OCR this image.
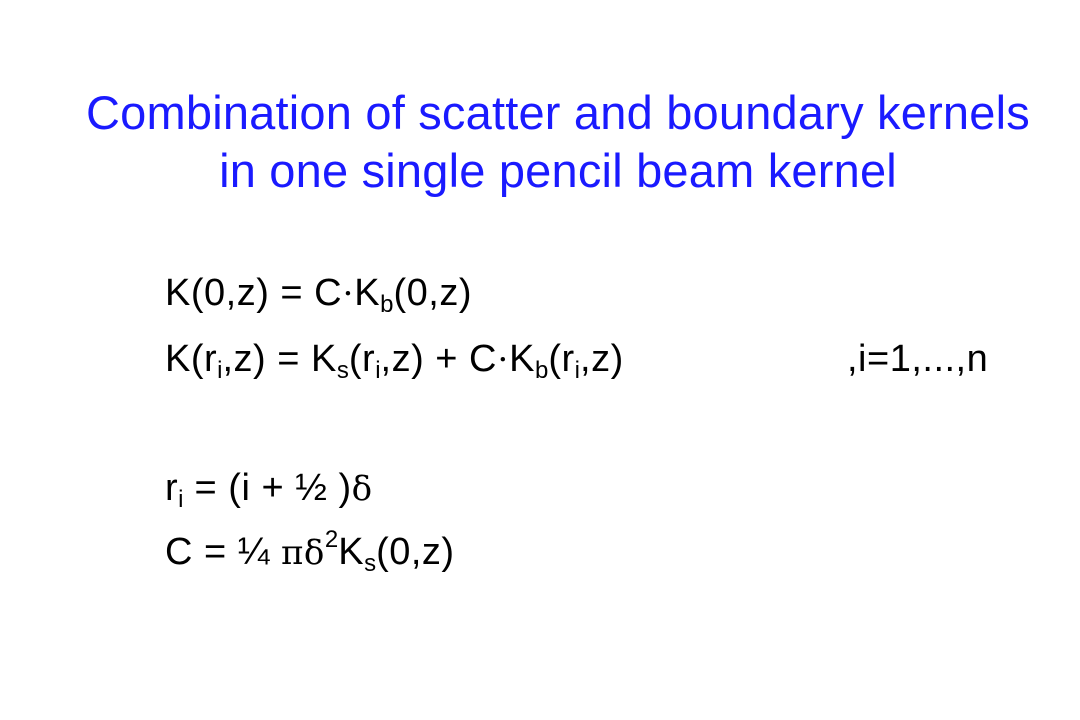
Combination of scatter and boundary kernels
in one single pencil beam kernel
K(0,z) = C⋅Kb(0,z)
K(ri,z) = Ks(ri,z) + C⋅Kb(ri,z)	,i=1,...,n
ri = (i + ½ )δ
C = ¼ $\pi\delta^2Ks(0,z)$
